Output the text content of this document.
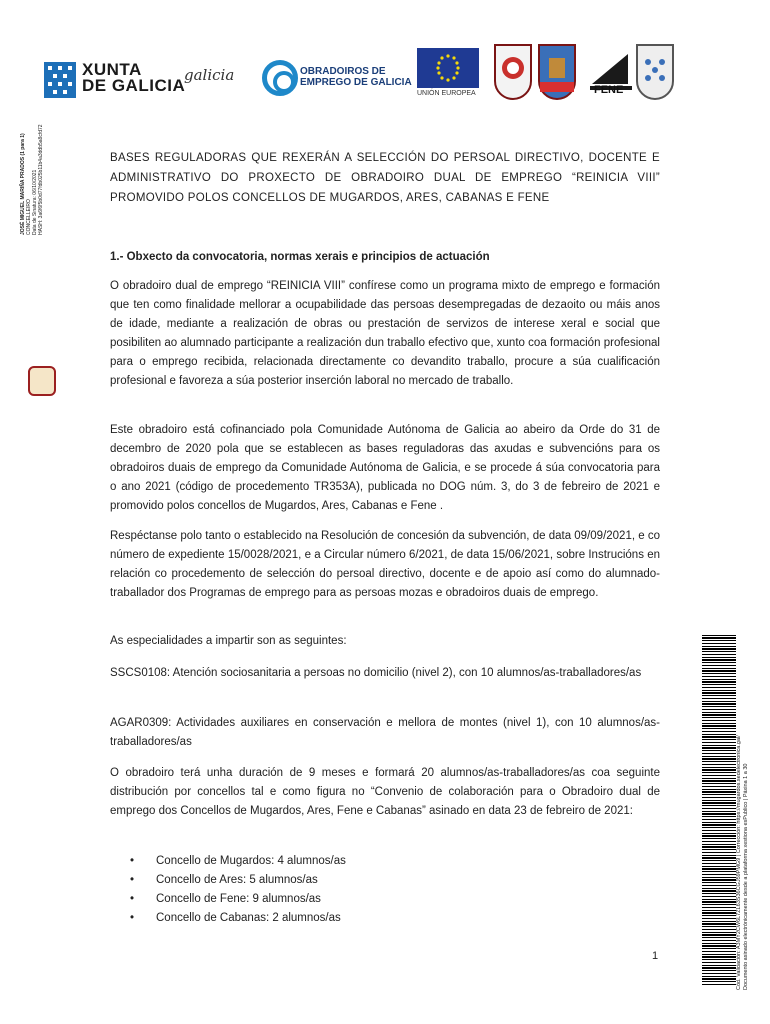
XUNTA
DE GALICIA
galicia	OBRADOIROS DE
EMPREGO DE GALICIA
UNIÓN EUROPEA	FENE
JOSÉ MIGUEL MARIÑA PRADOS (1 para 1) CONCELLEIRO Data de Sinatura: 06/10/2021 HASH: 3a6f6f5b0d77fdb025b11b4a3ddb5a8cfd72	BASES REGULADORAS QUE REXERÁN A SELECCIÓN DO PERSOAL DIRECTIVO, DOCENTE E ADMINISTRATIVO DO PROXECTO DE OBRADOIRO DUAL DE EMPREGO “REINICIA VIII” PROMOVIDO POLOS CONCELLOS DE MUGARDOS, ARES, CABANAS E FENE
1.- Obxecto da convocatoria, normas xerais e principios de actuación
O obradoiro dual de emprego “REINICIA VIII” confírese como un programa mixto de emprego e formación que ten como finalidade mellorar a ocupabilidade das persoas desempregadas de dezaoito ou máis anos de idade, mediante a realización de obras ou prestación de servizos de interese xeral e social que posibiliten ao alumnado participante a realización dun traballo efectivo que, xunto coa formación profesional para o emprego recibida, relacionada directamente co devandito traballo, procure a súa cualificación profesional e favoreza a súa posterior inserción laboral no mercado de traballo.
Este obradoiro está cofinanciado pola Comunidade Autónoma de Galicia ao abeiro da Orde do 31 de decembro de 2020 pola que se establecen as bases reguladoras das axudas e subvencións para os obradoiros duais de emprego da Comunidade Autónoma de Galicia, e se procede á súa convocatoria para o ano 2021 (código de procedemento TR353A), publicada no DOG núm. 3, do 3 de febreiro de 2021 e promovido polos concellos de Mugardos, Ares, Cabanas e Fene .
Respéctanse polo tanto o establecido na Resolución de concesión da subvención, de data 09/09/2021, e co número de expediente 15/0028/2021, e a Circular número 6/2021, de data 15/06/2021, sobre Instrucións en relación co procedemento de selección do persoal directivo, docente e de apoio así como do alumnado-traballador dos Programas de emprego para as persoas mozas e obradoiros duais de emprego.
As especialidades a impartir son as seguintes:
SSCS0108: Atención sociosanitaria a persoas no domicilio (nivel 2), con 10 alumnos/as-traballadores/as
AGAR0309: Actividades auxiliares en conservación e mellora de montes (nivel 1), con 10 alumnos/as- traballadores/as
O obradoiro terá unha duración de 9 meses e formará 20 alumnos/as-traballadores/as coa seguinte distribución por concellos tal e como figura no “Convenio de colaboración para o Obradoiro dual de emprego dos Concellos de Mugardos, Ares, Fene e Cabanas” asinado en data 23 de febreiro de 2021:
• Concello de Mugardos: 4 alumnos/as
• Concello de Ares: 5 alumnos/as
• Concello de Fene: 9 alumnos/as
• Concello de Cabanas: 2 alumnos/as
1	Cód. Validación: A3MY2CW6L7ZL63S36CGJ59PMG9 | Corrección: https://mugardos.sedelectronica.gal/ Documento asinado electrónicamente desde a plataforma xestiona esPublico | Páxina 1 a 30
